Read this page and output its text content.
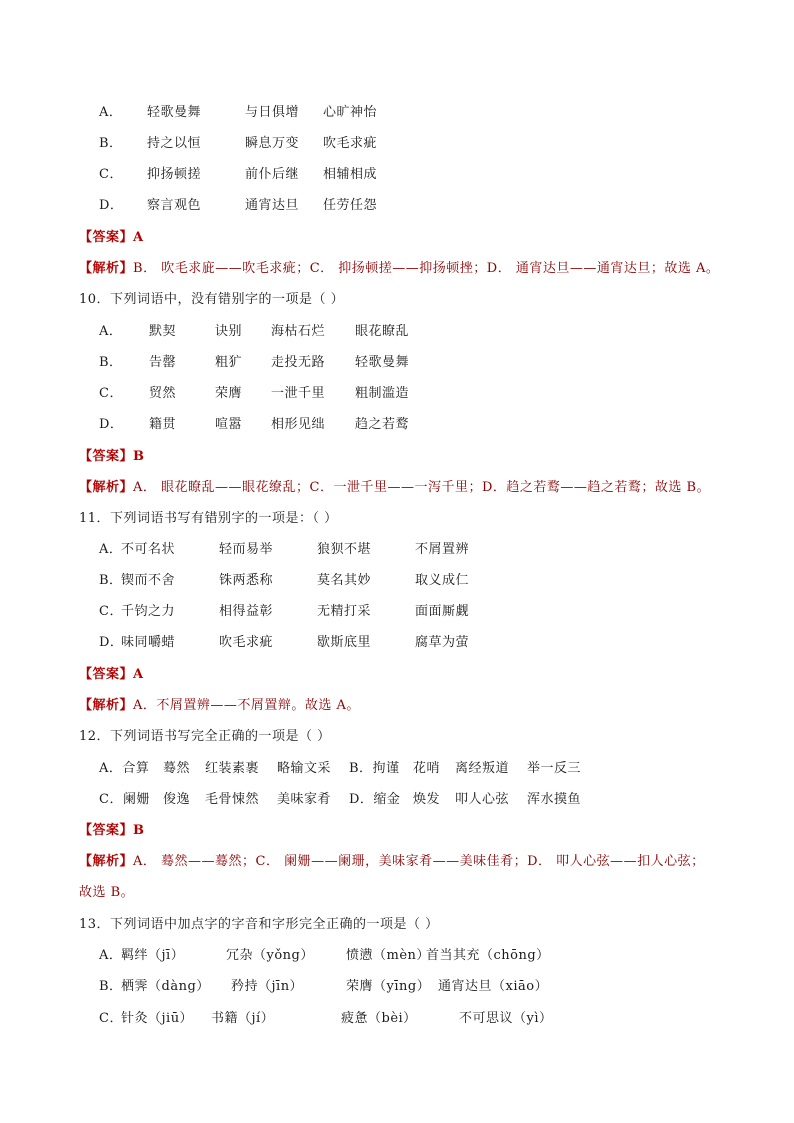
A． 轻歌曼舞	与日俱增 心旷神怡
B． 持之以恒	瞬息万变 吹毛求疵
C． 抑扬顿搓	前仆后继 相辅相成
D． 察言观色	通宵达旦 任劳任怨
【答案】A
【解析】B． 吹毛求庛——吹毛求疵；C． 抑扬顿搓——抑扬顿挫；D． 通宵达旦——通宵达旦；故选 A。
10．下列词语中，没有错别字的一项是（ ）
A． 默契	诀别 海枯石烂 眼花瞭乱
B． 告罄	粗犷 走投无路 轻歌曼舞
C． 贸然	荣膺 一泄千里 粗制滥造
D． 籍贯	喧嚣 相形见绌 趋之若鹜
【答案】B
【解析】A． 眼花瞭乱——眼花缭乱；C．一泄千里——一泻千里；D．趋之若鹜——趋之若鹜；故选 B。
11．下列词语书写有错别字的一项是：（ ）
A．不可名状	轻而易举	狼狈不堪	不屑置辨
B．锲而不舍	铢两悉称	莫名其妙	取义成仁
C．千钧之力	相得益彰	无精打采	面面厮觑
D．味同嚼蜡	吹毛求疵	歇斯底里	腐草为萤
【答案】A
【解析】A．不屑置辨——不屑置辩。故选 A。
12．下列词语书写完全正确的一项是（ ）
A．合算 蓦然 红装素裹 略输文采 B．拘谨 花哨 离经叛道 举一反三
C．阑姗 俊逸 毛骨悚然 美味家肴 D．缩金 焕发 叩人心弦 浑水摸鱼
【答案】B
【解析】A． 蓦然——蓦然；C． 阑姗——阑珊，美味家肴——美味佳肴；D． 叩人心弦——扣人心弦；
故选 B。
13．下列词语中加点字的字音和字形完全正确的一项是（ ）
A．羁绊（jī）	冗杂（yǒng） 愤懑（mèn）首当其充（chōng）
B．栖霁（dàng） 矜持（jīn）	荣膺（yīng） 通宵达旦（xiāo）
C．针灸（jiū） 书籍（jí）	疲惫（bèi）	不可思议（yì）
